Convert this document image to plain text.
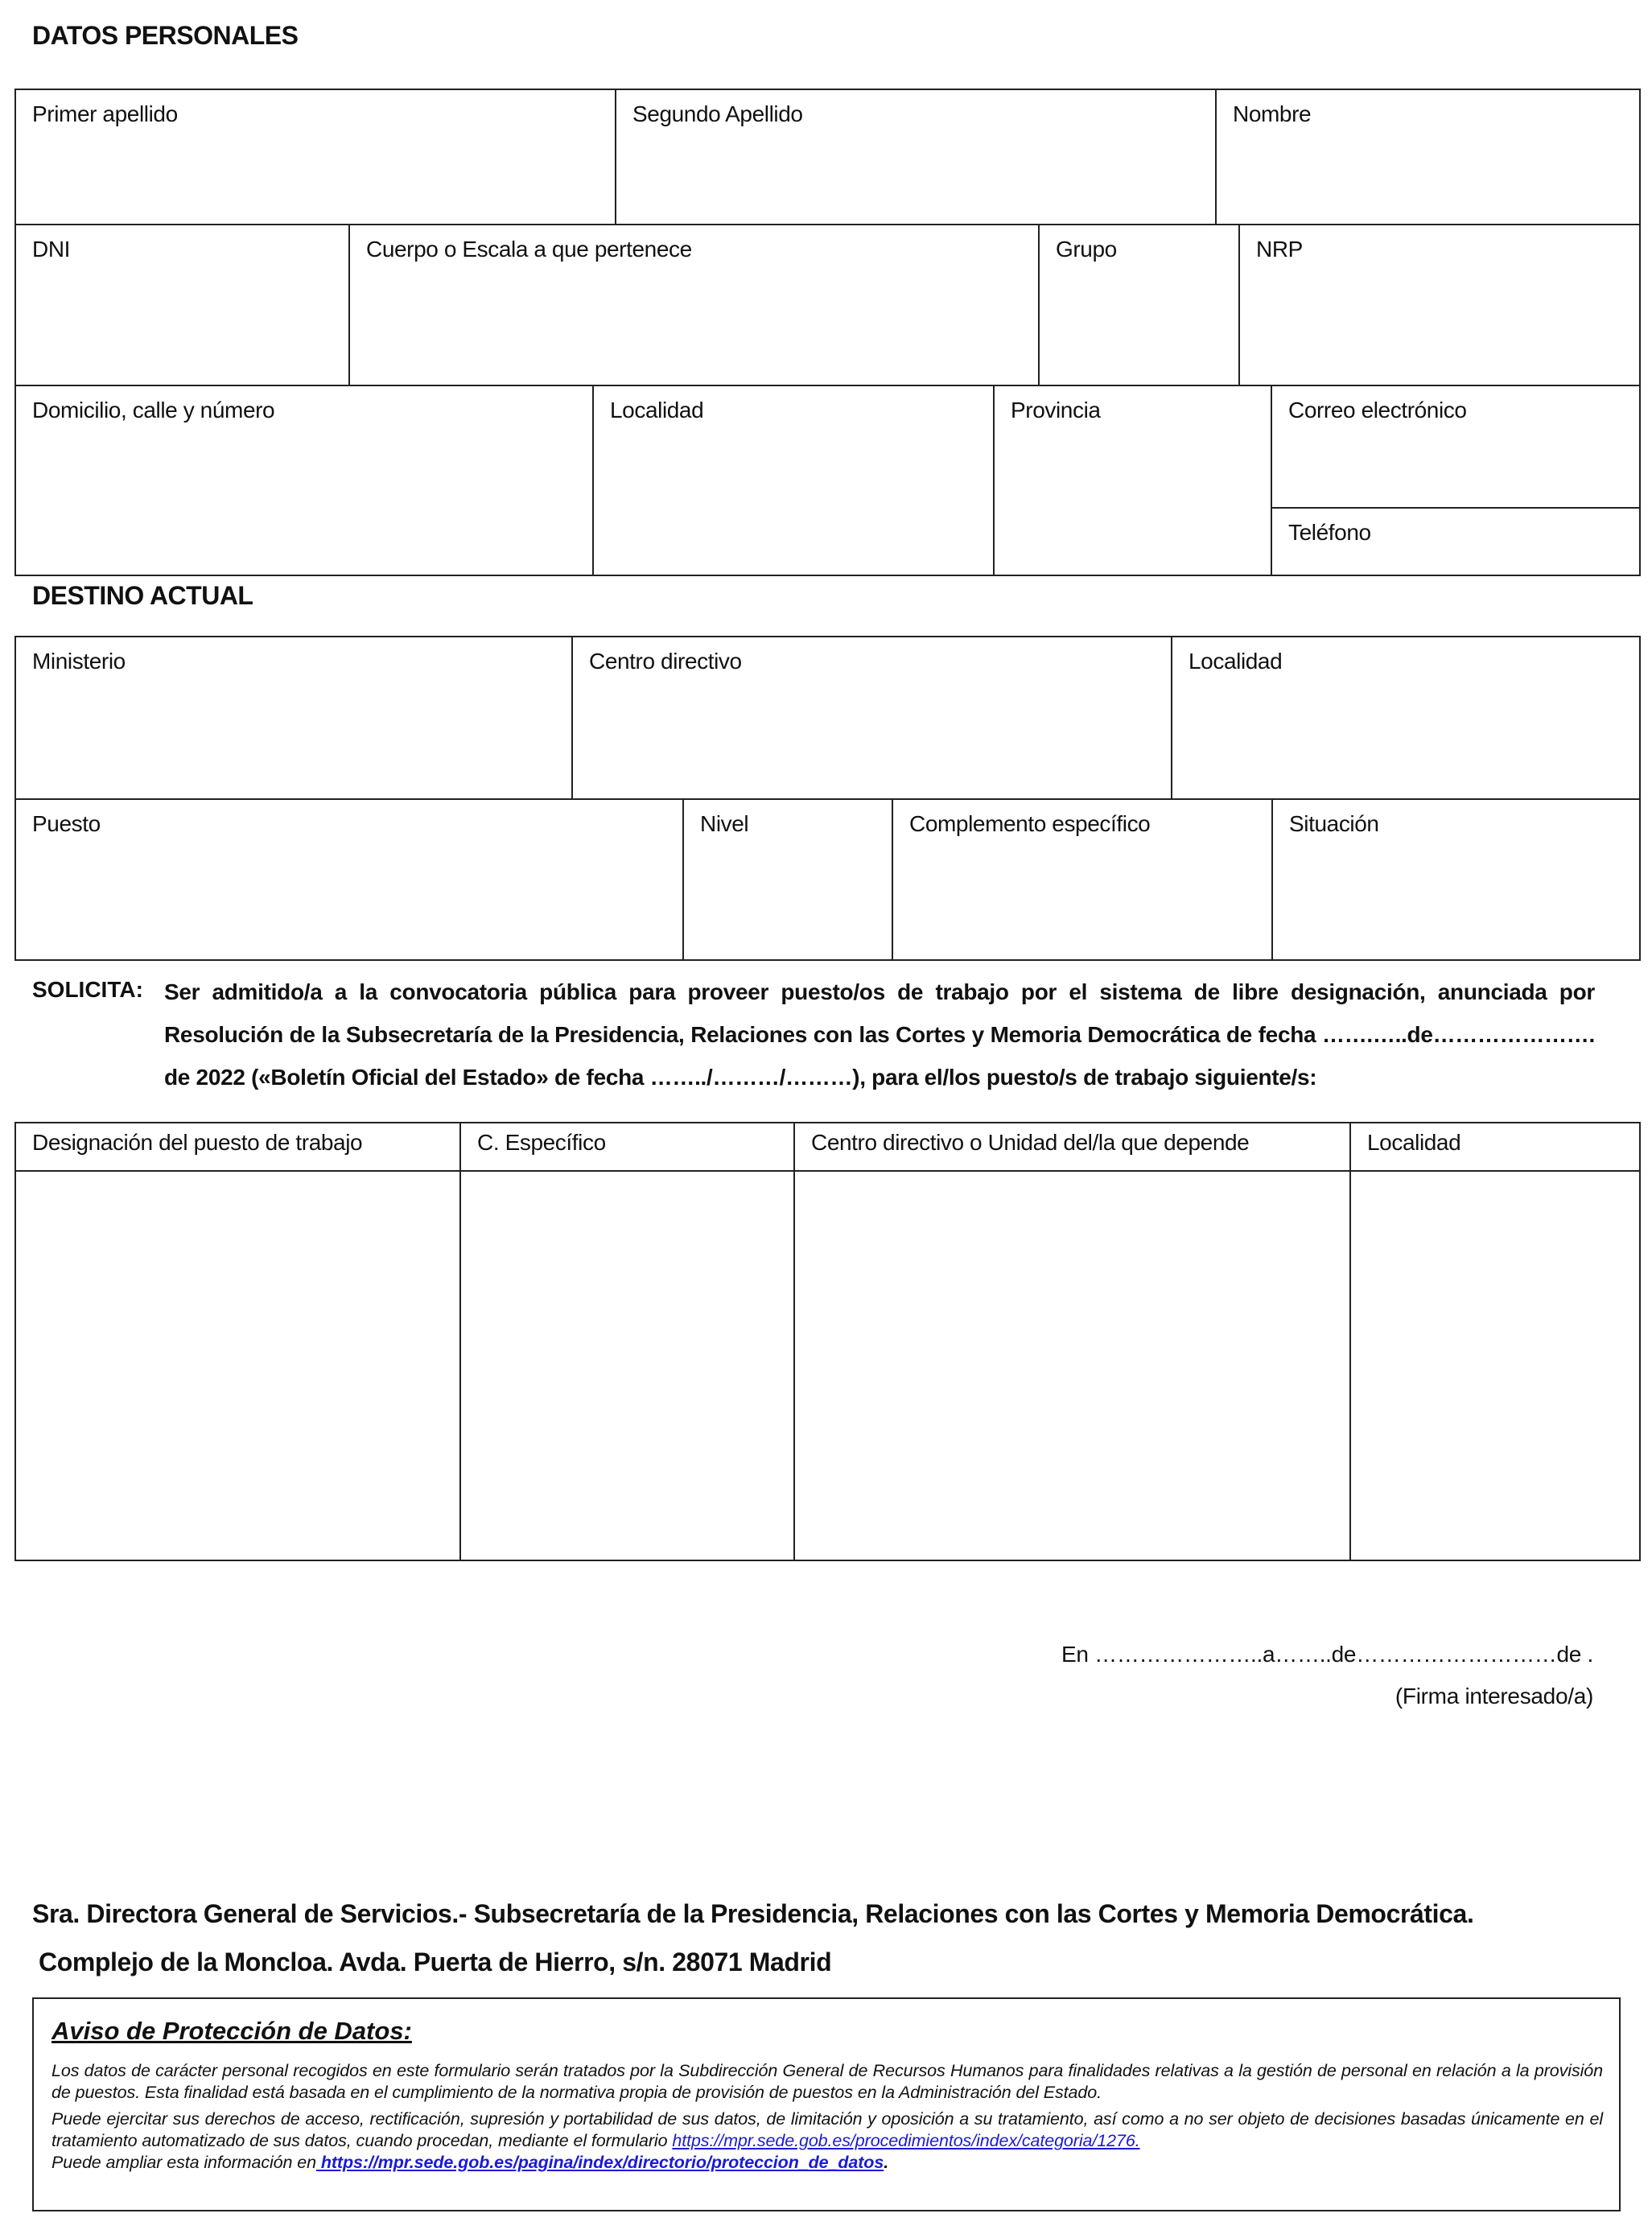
DATOS PERSONALES
Primer apellido	Segundo Apellido	Nombre
DNI	Cuerpo o Escala a que pertenece	Grupo	NRP
Domicilio, calle y número	Localidad	Provincia	Correo electrónico
Teléfono
DESTINO ACTUAL
Ministerio	Centro directivo	Localidad
Puesto	Nivel	Complemento específico	Situación
SOLICITA: Ser admitido/a a la convocatoria pública para proveer puesto/os de trabajo por el sistema de libre designación, anunciada por Resolución de la Subsecretaría de la Presidencia, Relaciones con las Cortes y Memoria Democrática de fecha …….…..de…………………. de 2022 («Boletín Oficial del Estado» de fecha ……../………/………), para el/los puesto/s de trabajo siguiente/s:
Designación del puesto de trabajo	C. Específico	Centro directivo o Unidad del/la que depende	Localidad

En …………………..a……..de………………………de .
(Firma interesado/a)
Sra. Directora General de Servicios.- Subsecretaría de la Presidencia, Relaciones con las Cortes y Memoria Democrática.
Complejo de la Moncloa. Avda. Puerta de Hierro, s/n. 28071 Madrid
Aviso de Protección de Datos:

Los datos de carácter personal recogidos en este formulario serán tratados por la Subdirección General de Recursos Humanos para finalidades relativas a la gestión de personal en relación a la provisión de puestos. Esta finalidad está basada en el cumplimiento de la normativa propia de provisión de puestos en la Administración del Estado.

Puede ejercitar sus derechos de acceso, rectificación, supresión y portabilidad de sus datos, de limitación y oposición a su tratamiento, así como a no ser objeto de decisiones basadas únicamente en el tratamiento automatizado de sus datos, cuando procedan, mediante el formulario https://mpr.sede.gob.es/procedimientos/index/categoria/1276.

Puede ampliar esta información en https://mpr.sede.gob.es/pagina/index/directorio/proteccion_de_datos.
